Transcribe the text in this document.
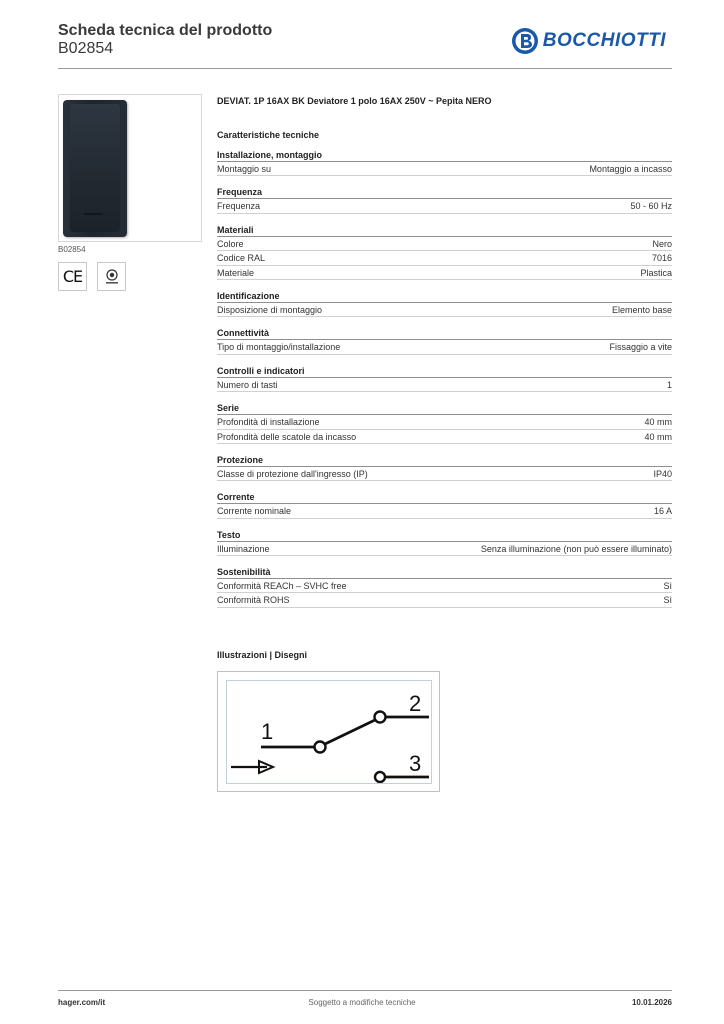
Scheda tecnica del prodotto
B02854	BOCCHIOTTI
B02854
C​E
DEVIAT. 1P 16AX BK Deviatore 1 polo 16AX 250V ~ Pepita NERO
Caratteristiche tecniche
Installazione, montaggio
Montaggio su	Montaggio a incasso
Frequenza
Frequenza	50 - 60 Hz
Materiali
Colore	Nero
Codice RAL	7016
Materiale	Plastica
Identificazione
Disposizione di montaggio	Elemento base
Connettività
Tipo di montaggio/installazione	Fissaggio a vite
Controlli e indicatori
Numero di tasti	1
Serie
Profondità di installazione	40 mm
Profondità delle scatole da incasso	40 mm
Protezione
Classe di protezione dall'ingresso (IP)	IP40
Corrente
Corrente nominale	16 A
Testo
Illuminazione	Senza illuminazione (non può essere illuminato)
Sostenibilità
Conformità REACh – SVHC free	Sì
Conformità ROHS	Sì
Illustrazioni | Disegni
1
2
3
hager.com/it	Soggetto a modifiche tecniche	10.01.2026
